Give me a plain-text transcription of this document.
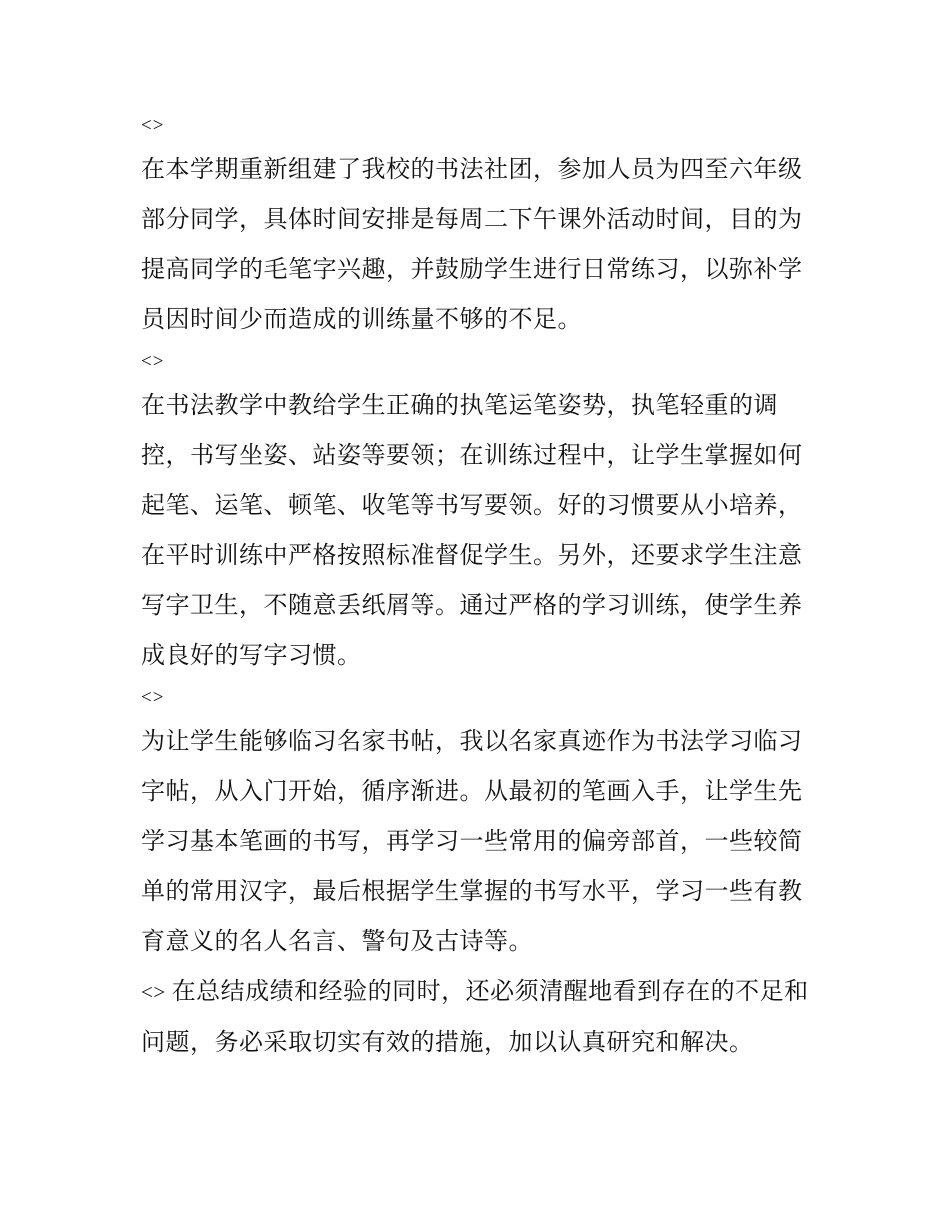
<>

在本学期重新组建了我校的书法社团，参加人员为四至六年级部分同学，具体时间安排是每周二下午课外活动时间，目的为提高同学的毛笔字兴趣，并鼓励学生进行日常练习，以弥补学员因时间少而造成的训练量不够的不足。

<>

在书法教学中教给学生正确的执笔运笔姿势，执笔轻重的调控，书写坐姿、站姿等要领；在训练过程中，让学生掌握如何起笔、运笔、顿笔、收笔等书写要领。好的习惯要从小培养，在平时训练中严格按照标准督促学生。另外，还要求学生注意写字卫生，不随意丢纸屑等。通过严格的学习训练，使学生养成良好的写字习惯。

<>

为让学生能够临习名家书帖，我以名家真迹作为书法学习临习字帖，从入门开始，循序渐进。从最初的笔画入手，让学生先学习基本笔画的书写，再学习一些常用的偏旁部首，一些较简单的常用汉字，最后根据学生掌握的书写水平，学习一些有教育意义的名人名言、警句及古诗等。

<> 在总结成绩和经验的同时，还必须清醒地看到存在的不足和问题，务必采取切实有效的措施，加以认真研究和解决。
